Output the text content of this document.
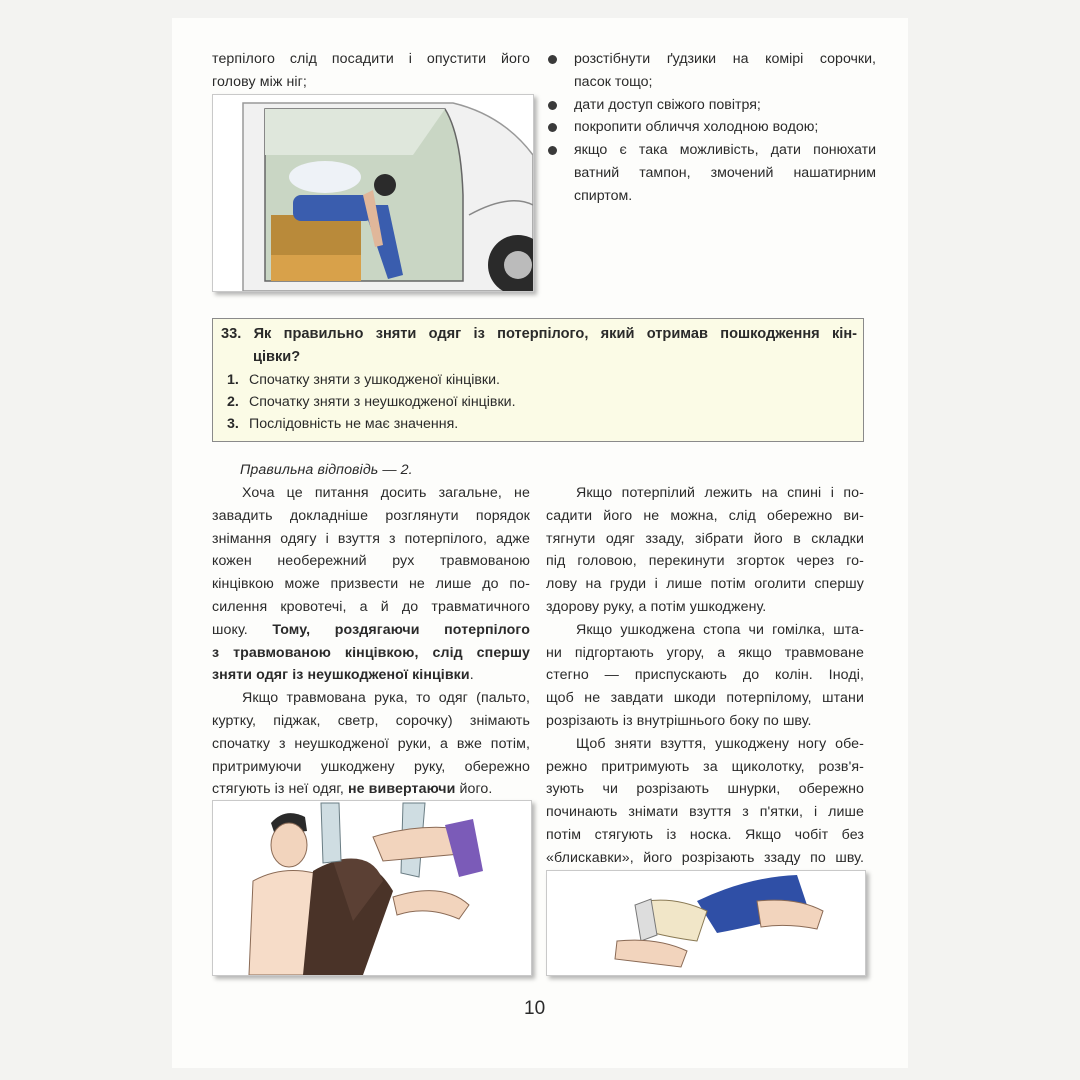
терпілого слід посадити і опустити його
голову між ніг;
розстібнути ґудзики на комірі сорочки,
пасок тощо;
дати доступ свіжого повітря;
покропити обличчя холодною водою;
якщо є така можливість, дати понюхати
ватний тампон, змочений нашатирним
спиртом.
33. Як правильно зняти одяг із потерпілого, який отримав пошкодження кін-
цівки?
1. Спочатку зняти з ушкодженої кінцівки.
2. Спочатку зняти з неушкодженої кінцівки.
3. Послідовність не має значення.
Правильна відповідь — 2.
Хоча це питання досить загальне, не
завадить докладніше розглянути порядок
знімання одягу і взуття з потерпілого, адже
кожен необережний рух травмованою
кінцівкою може призвести не лише до по-
силення кровотечі, а й до травматичного
шоку. Тому, роздягаючи потерпілого
з травмованою кінцівкою, слід спершу
зняти одяг із неушкодженої кінцівки.
Якщо травмована рука, то одяг (пальто,
куртку, піджак, светр, сорочку) знімають
спочатку з неушкодженої руки, а вже потім,
притримуючи ушкоджену руку, обережно
стягують із неї одяг, не вивертаючи його.
Якщо потерпілий лежить на спині і по-
садити його не можна, слід обережно ви-
тягнути одяг ззаду, зібрати його в складки
під головою, перекинути згорток через го-
лову на груди і лише потім оголити спершу
здорову руку, а потім ушкоджену.
Якщо ушкоджена стопа чи гомілка, шта-
ни підгортають угору, а якщо травмоване
стегно — приспускають до колін. Іноді,
щоб не завдати шкоди потерпілому, штани
розрізають із внутрішнього боку по шву.
Щоб зняти взуття, ушкоджену ногу обе-
режно притримують за щиколотку, розв'я-
зують чи розрізають шнурки, обережно
починають знімати взуття з п'ятки, і лише
потім стягують із носка. Якщо чобіт без
«блискавки», його розрізають ззаду по шву.
10
